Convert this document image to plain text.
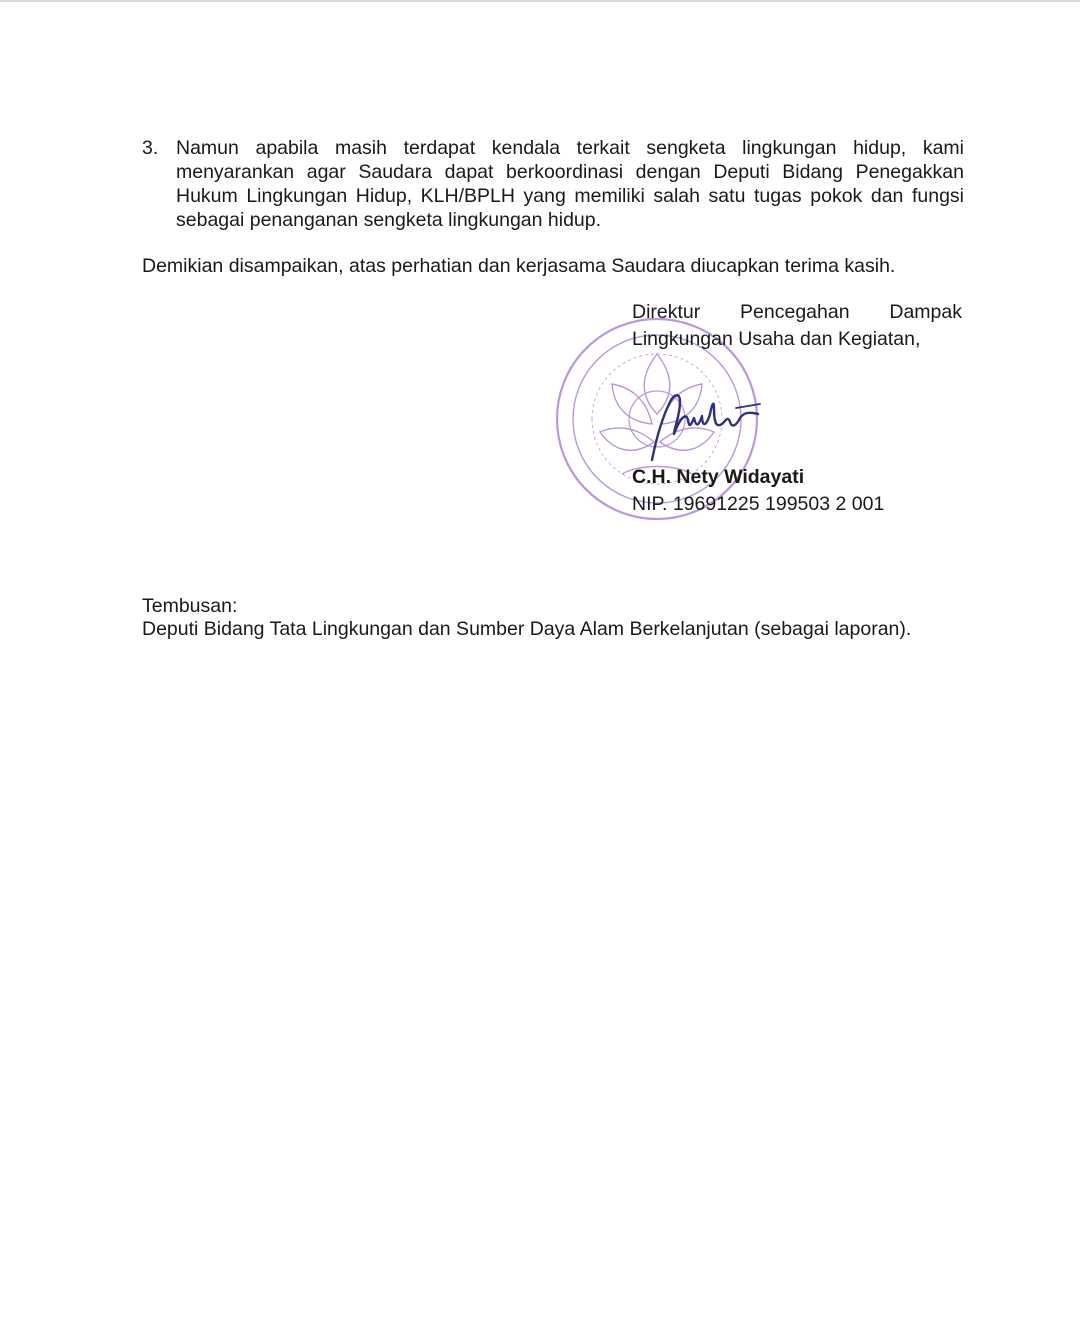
3. Namun apabila masih terdapat kendala terkait sengketa lingkungan hidup, kami menyarankan agar Saudara dapat berkoordinasi dengan Deputi Bidang Penegakkan Hukum Lingkungan Hidup, KLH/BPLH yang memiliki salah satu tugas pokok dan fungsi sebagai penanganan sengketa lingkungan hidup.
Demikian disampaikan, atas perhatian dan kerjasama Saudara diucapkan terima kasih.
Direktur Pencegahan Dampak
Lingkungan Usaha dan Kegiatan,
C.H. Nety Widayati
NIP. 19691225 199503 2 001
Tembusan:
Deputi Bidang Tata Lingkungan dan Sumber Daya Alam Berkelanjutan (sebagai laporan).
